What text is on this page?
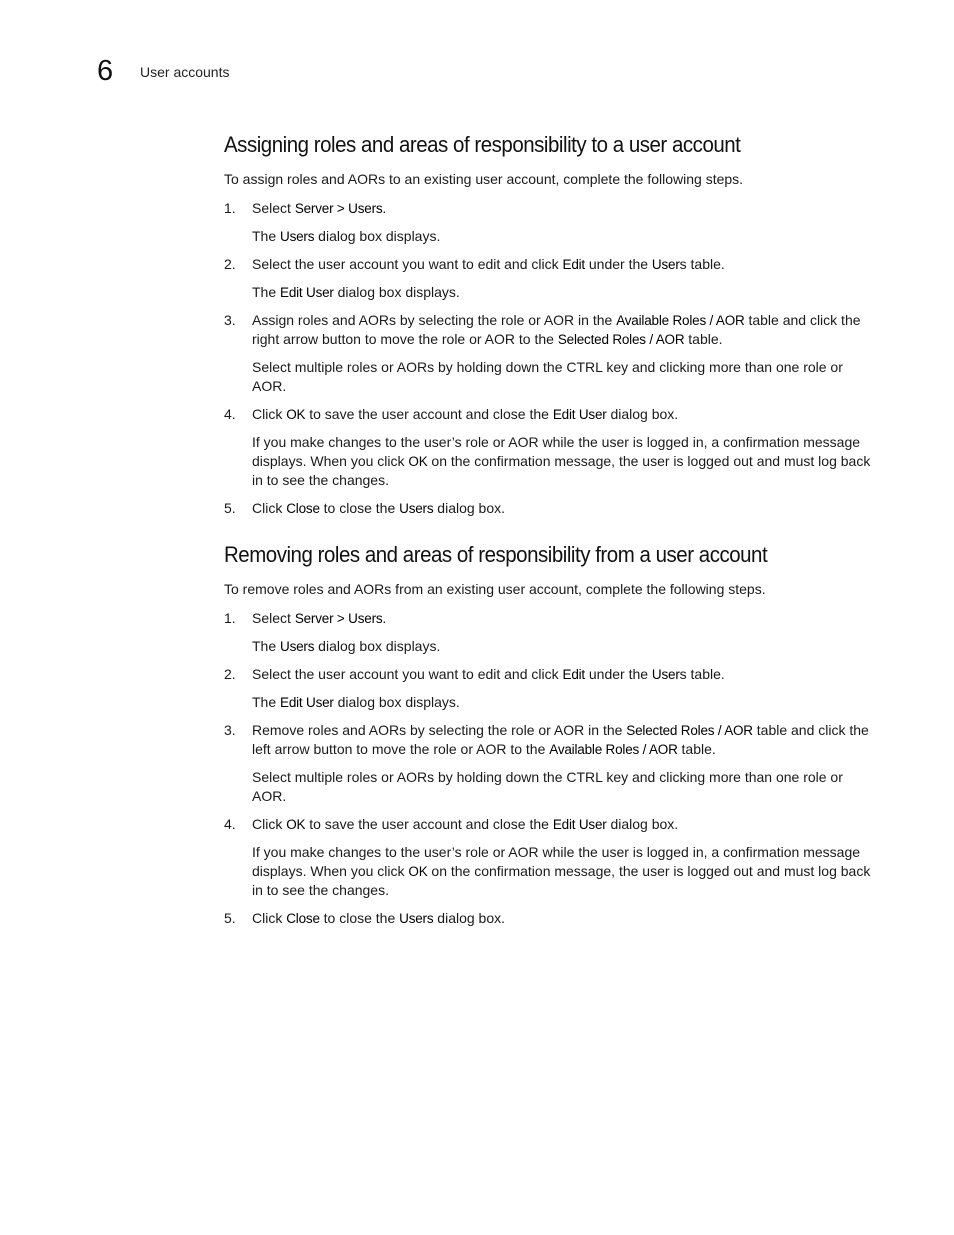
6 User accounts
Assigning roles and areas of responsibility to a user account

To assign roles and AORs to an existing user account, complete the following steps.

1. Select Server > Users.
The Users dialog box displays.
2. Select the user account you want to edit and click Edit under the Users table.
The Edit User dialog box displays.
3. Assign roles and AORs by selecting the role or AOR in the Available Roles / AOR table and click the right arrow button to move the role or AOR to the Selected Roles / AOR table.
Select multiple roles or AORs by holding down the CTRL key and clicking more than one role or AOR.
4. Click OK to save the user account and close the Edit User dialog box.
If you make changes to the user’s role or AOR while the user is logged in, a confirmation message displays. When you click OK on the confirmation message, the user is logged out and must log back in to see the changes.
5. Click Close to close the Users dialog box.
Removing roles and areas of responsibility from a user account

To remove roles and AORs from an existing user account, complete the following steps.

1. Select Server > Users.
The Users dialog box displays.
2. Select the user account you want to edit and click Edit under the Users table.
The Edit User dialog box displays.
3. Remove roles and AORs by selecting the role or AOR in the Selected Roles / AOR table and click the left arrow button to move the role or AOR to the Available Roles / AOR table.
Select multiple roles or AORs by holding down the CTRL key and clicking more than one role or AOR.
4. Click OK to save the user account and close the Edit User dialog box.
If you make changes to the user’s role or AOR while the user is logged in, a confirmation message displays. When you click OK on the confirmation message, the user is logged out and must log back in to see the changes.
5. Click Close to close the Users dialog box.
